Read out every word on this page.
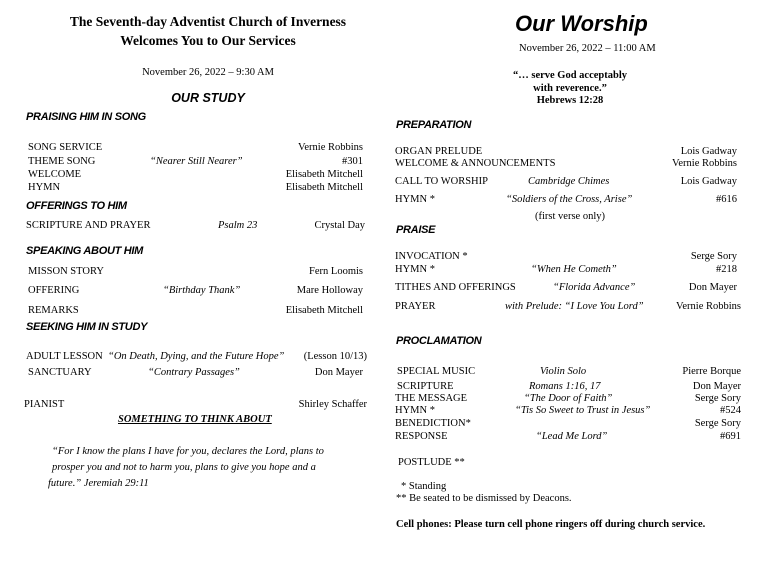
The Seventh-day Adventist Church of Inverness
Welcomes You to Our Services
November 26, 2022 – 9:30 AM
OUR STUDY
PRAISING HIM IN SONG
SONG SERVICE	Vernie Robbins
THEME SONG	“Nearer Still Nearer”	#301
WELCOME	Elisabeth Mitchell
HYMN	Elisabeth Mitchell
OFFERINGS TO HIM
SCRIPTURE AND PRAYER	Psalm 23	Crystal Day
SPEAKING ABOUT HIM
MISSON STORY	Fern Loomis
OFFERING	“Birthday Thank”	Mare Holloway
REMARKS	Elisabeth Mitchell
SEEKING HIM IN STUDY
ADULT LESSON “On Death, Dying, and the Future Hope” (Lesson 10/13)
SANCTUARY	“Contrary Passages”	Don Mayer
PIANIST	Shirley Schaffer
SOMETHING TO THINK ABOUT
“For I know the plans I have for you, declares the Lord, plans to
prosper you and not to harm you, plans to give you hope and a
future.” Jeremiah 29:11
Our Worship
November 26, 2022 – 11:00 AM
“… serve God acceptably
with reverence.”
Hebrews 12:28
PREPARATION
ORGAN PRELUDE	Lois Gadway
WELCOME & ANNOUNCEMENTS	Vernie Robbins
CALL TO WORSHIP	Cambridge Chimes	Lois Gadway
HYMN *	“Soldiers of the Cross, Arise”	#616
(first verse only)
PRAISE
INVOCATION *	Serge Sory
HYMN *	“When He Cometh”	#218
TITHES AND OFFERINGS	“Florida Advance”	Don Mayer
PRAYER	with Prelude: “I Love You Lord”	Vernie Robbins
PROCLAMATION
SPECIAL MUSIC	Violin Solo	Pierre Borque
SCRIPTURE	Romans 1:16, 17	Don Mayer
THE MESSAGE	“The Door of Faith”	Serge Sory
HYMN *	“Tis So Sweet to Trust in Jesus”	#524
BENEDICTION*	Serge Sory
RESPONSE	“Lead Me Lord”	#691
POSTLUDE **
* Standing
** Be seated to be dismissed by Deacons.
Cell phones: Please turn cell phone ringers off during church service.
